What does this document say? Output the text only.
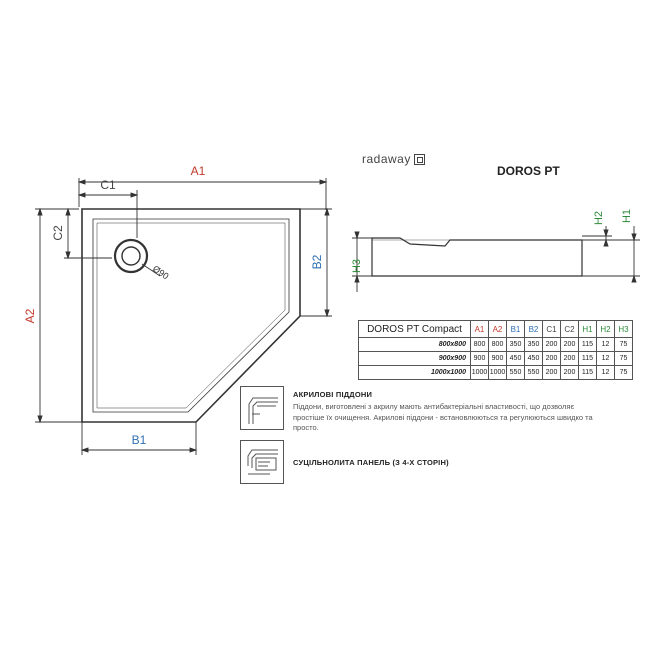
radaway
DOROS PT
A1
C1
C2
A2
B1
B2
Ø90	H3
H2 H1
DOROS PT Compact	A1	A2	B1	B2	C1	C2	H1	H2	H3
800x800	800	800	350	350	200	200	115	12	75
900x900	900	900	450	450	200	200	115	12	75
1000x1000	1000	1000	550	550	200	200	115	12	75
АКРИЛОВІ ПІДДОНИ
Піддони, виготовлені з акрилу мають антибактеріальні властивості, що дозволяє простіше їх очищення. Акрилові піддони - встановлюються та регулюються швидко та просто.
СУЦІЛЬНОЛИТА ПАНЕЛЬ (З 4-Х СТОРІН)
